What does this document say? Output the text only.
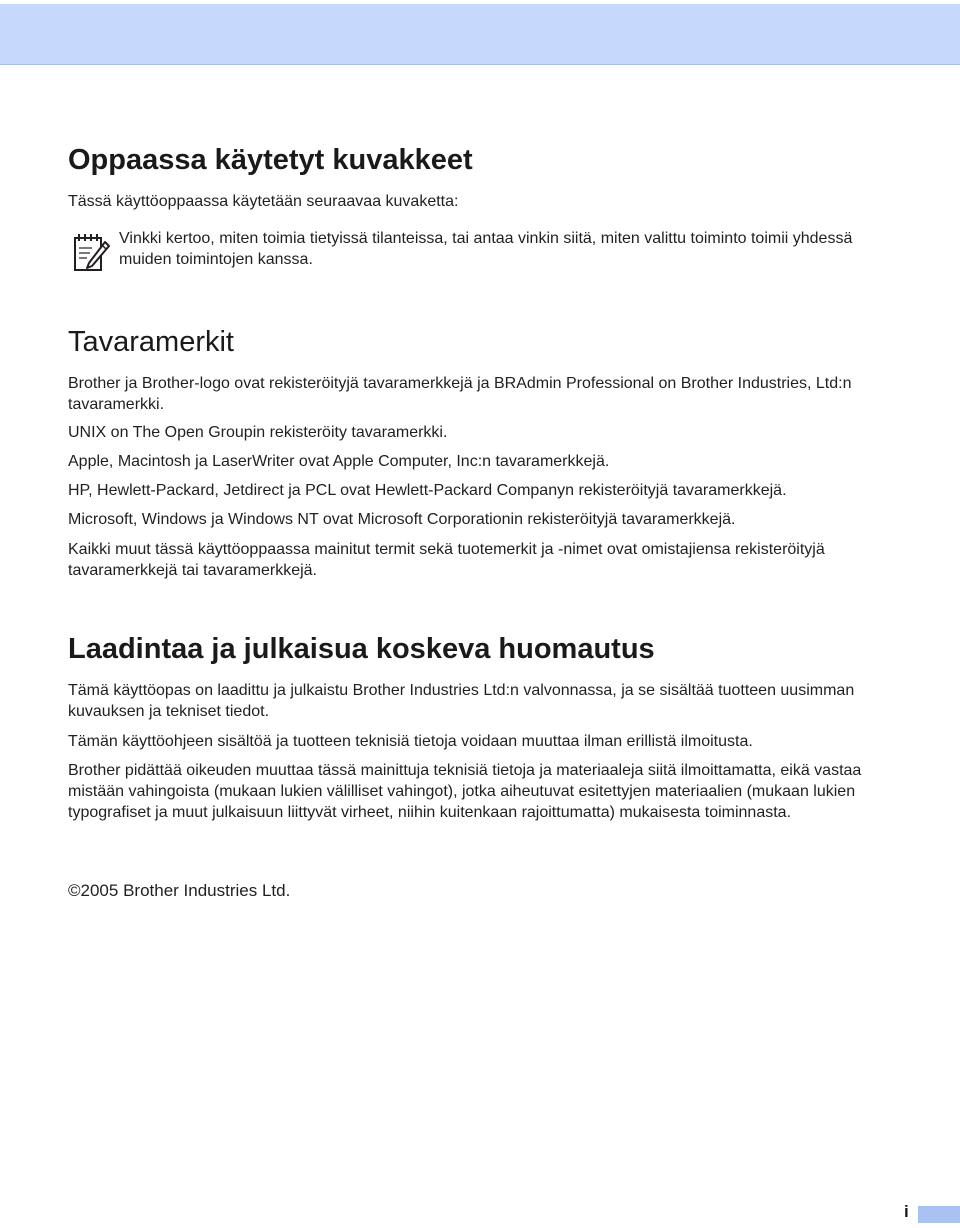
Oppaassa käytetyt kuvakkeet

Tässä käyttöoppaassa käytetään seuraavaa kuvaketta:

Vinkki kertoo, miten toimia tietyissä tilanteissa, tai antaa vinkin siitä, miten valittu toiminto toimii yhdessä muiden toimintojen kanssa.

Tavaramerkit

Brother ja Brother-logo ovat rekisteröityjä tavaramerkkejä ja BRAdmin Professional on Brother Industries, Ltd:n tavaramerkki.

UNIX on The Open Groupin rekisteröity tavaramerkki.

Apple, Macintosh ja LaserWriter ovat Apple Computer, Inc:n tavaramerkkejä.

HP, Hewlett-Packard, Jetdirect ja PCL ovat Hewlett-Packard Companyn rekisteröityjä tavaramerkkejä.

Microsoft, Windows ja Windows NT ovat Microsoft Corporationin rekisteröityjä tavaramerkkejä.

Kaikki muut tässä käyttöoppaassa mainitut termit sekä tuotemerkit ja -nimet ovat omistajiensa rekisteröityjä tavaramerkkejä tai tavaramerkkejä.

Laadintaa ja julkaisua koskeva huomautus

Tämä käyttöopas on laadittu ja julkaistu Brother Industries Ltd:n valvonnassa, ja se sisältää tuotteen uusimman kuvauksen ja tekniset tiedot.

Tämän käyttöohjeen sisältöä ja tuotteen teknisiä tietoja voidaan muuttaa ilman erillistä ilmoitusta.

Brother pidättää oikeuden muuttaa tässä mainittuja teknisiä tietoja ja materiaaleja siitä ilmoittamatta, eikä vastaa mistään vahingoista (mukaan lukien välilliset vahingot), jotka aiheutuvat esitettyjen materiaalien (mukaan lukien typografiset ja muut julkaisuun liittyvät virheet, niihin kuitenkaan rajoittumatta) mukaisesta toiminnasta.

©2005 Brother Industries Ltd.

i
